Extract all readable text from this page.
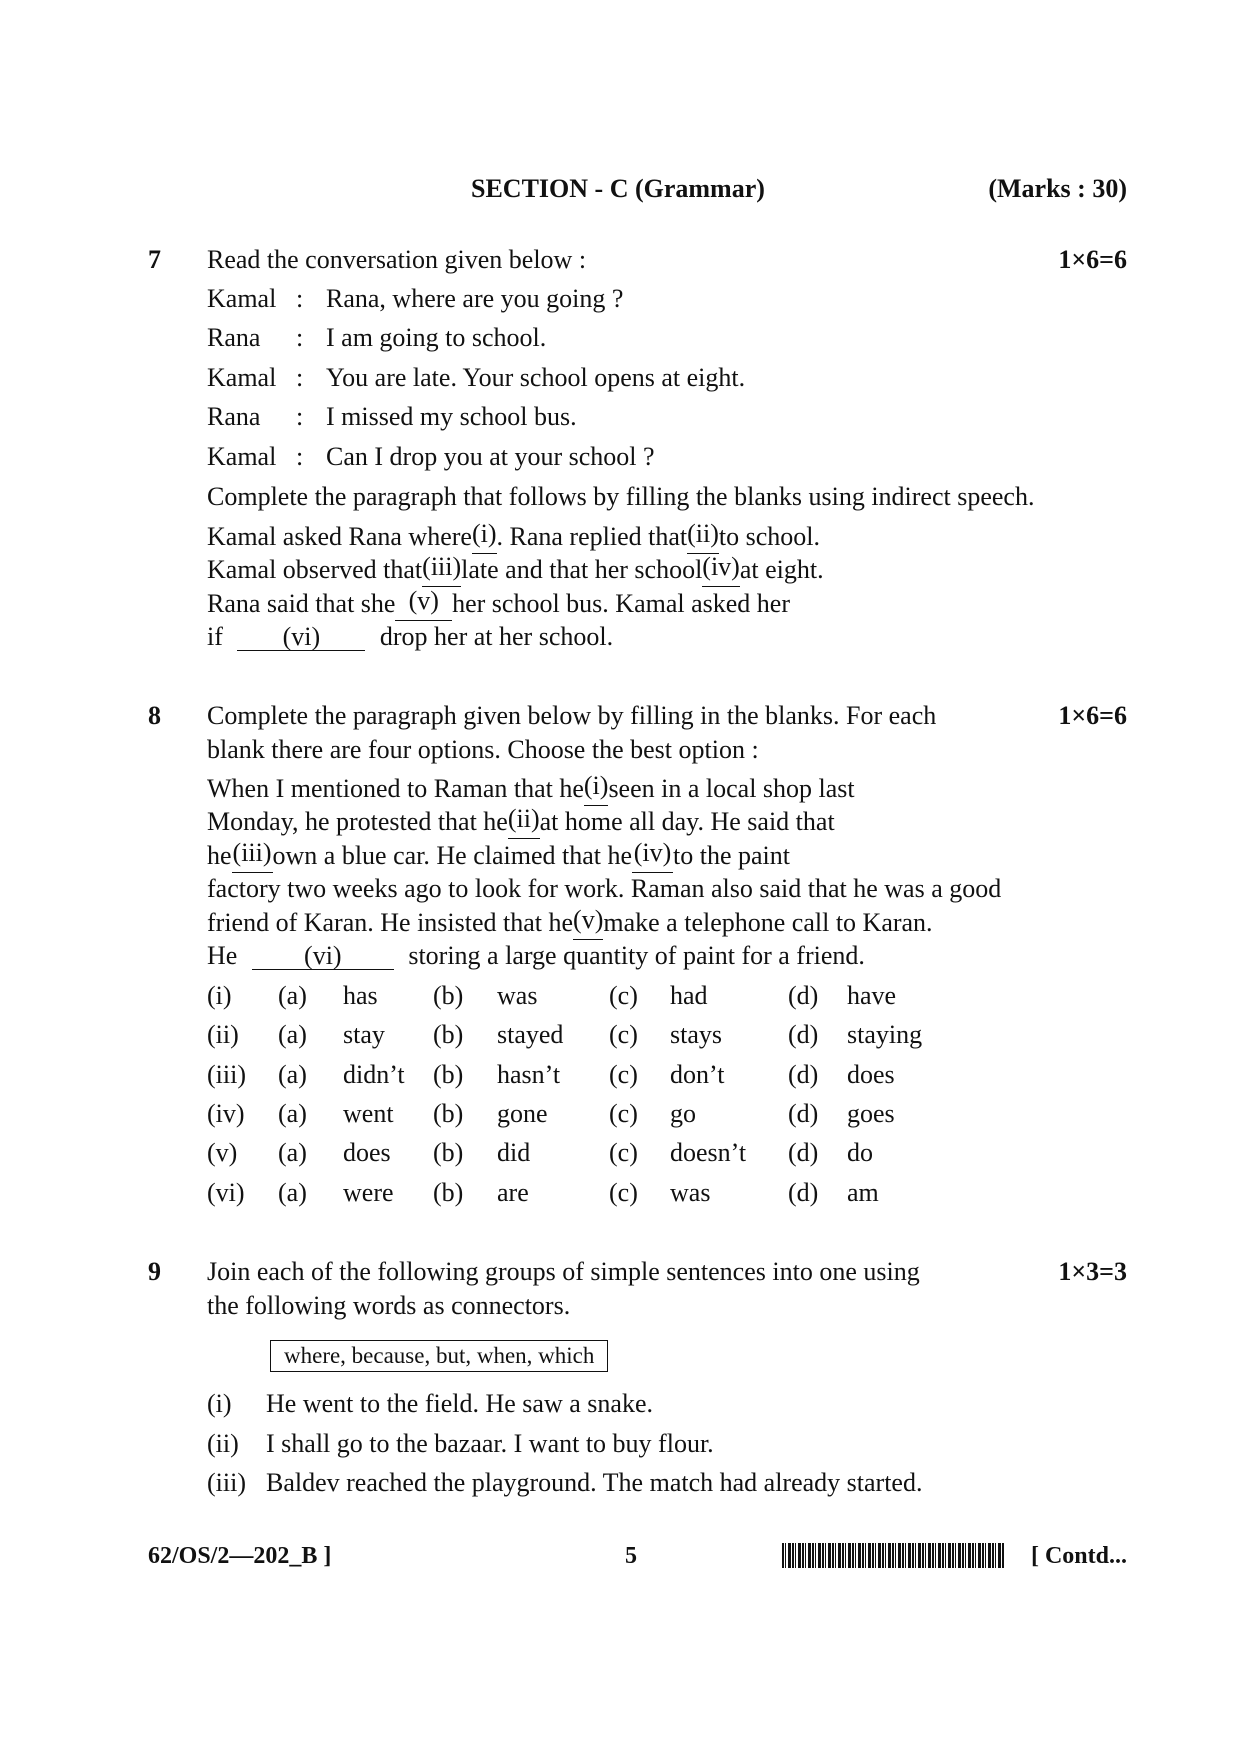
SECTION - C (Grammar)	(Marks : 30)
7 Read the conversation given below :	1×6=6
Kamal : Rana, where are you going ?
Rana : I am going to school.
Kamal : You are late. Your school opens at eight.
Rana : I missed my school bus.
Kamal : Can I drop you at your school ?
Complete the paragraph that follows by filling the blanks using indirect speech.
Kamal asked Rana where (i) . Rana replied that (ii) to school.
Kamal observed that (iii) late and that her school (iv) at eight.
Rana said that she (v) her school bus. Kamal asked her
if (vi) drop her at her school.
8 Complete the paragraph given below by filling in the blanks. For each	1×6=6
blank there are four options. Choose the best option :
When I mentioned to Raman that he (i) seen in a local shop last
Monday, he protested that he (ii) at home all day. He said that
he (iii) own a blue car. He claimed that he (iv) to the paint
factory two weeks ago to look for work. Raman also said that he was a good
friend of Karan. He insisted that he (v) make a telephone call to Karan.
He	(vi)	storing a large quantity of paint for a friend.
(i) (a) has (b) was	(c) had	(d) have
(ii) (a) stay (b) stayed (c) stays	(d) staying
(iii) (a) didn’t (b) hasn’t (c) don’t (d) does
(iv) (a) went (b) gone (c) go	(d) goes
(v) (a) does (b) did	(c) doesn’t (d) do
(vi) (a) were (b) are	(c) was	(d) am
9 Join each of the following groups of simple sentences into one using	1×3=3
the following words as connectors.
where, because, but, when, which
(i) He went to the field. He saw a snake.
(ii) I shall go to the bazaar. I want to buy flour.
(iii) Baldev reached the playground. The match had already started.
62/OS/2—202_B ]	5	[ Contd...
